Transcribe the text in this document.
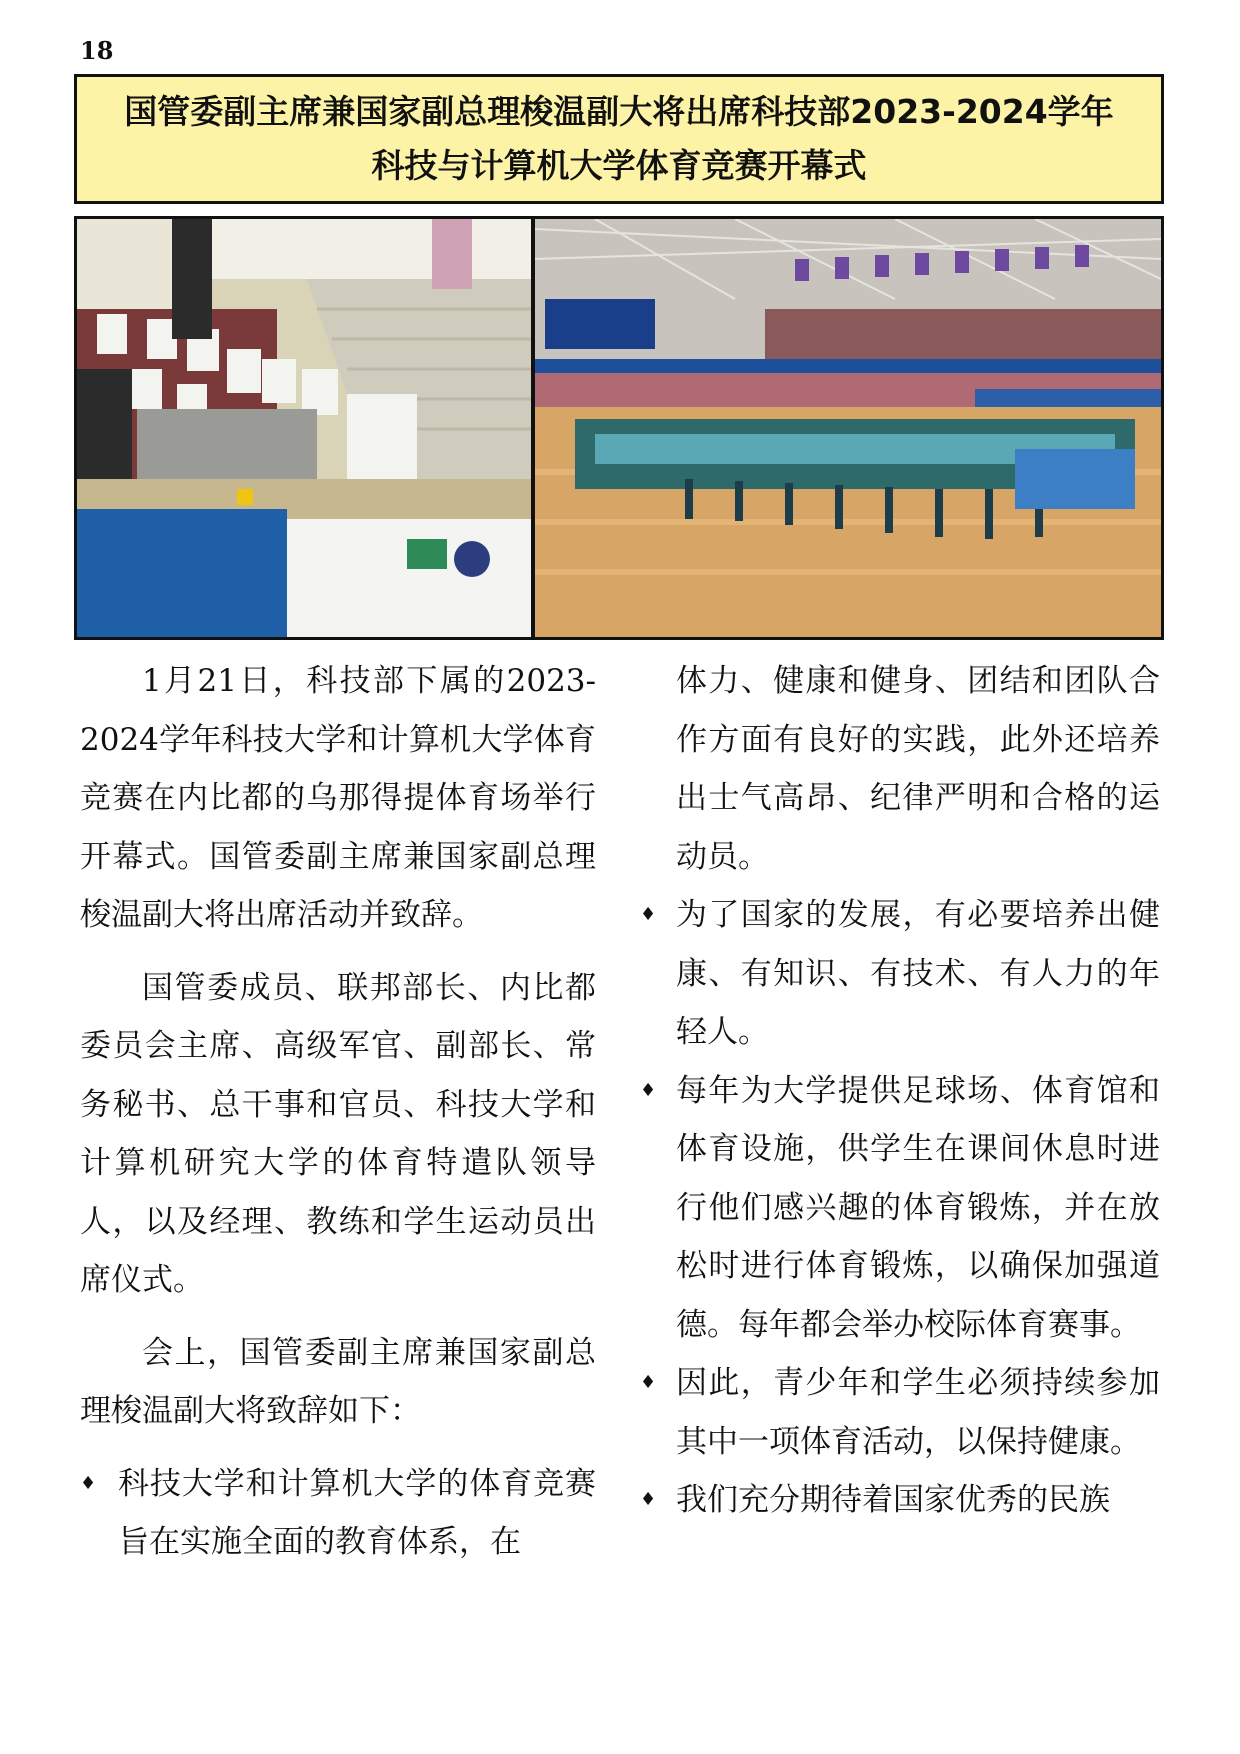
18
国管委副主席兼国家副总理梭温副大将出席科技部2023-2024学年
科技与计算机大学体育竞赛开幕式

1月21日，科技部下属的2023-2024学年科技大学和计算机大学体育竞赛在内比都的乌那得提体育场举行开幕式。国管委副主席兼国家副总理梭温副大将出席活动并致辞。

国管委成员、联邦部长、内比都委员会主席、高级军官、副部长、常务秘书、总干事和官员、科技大学和计算机研究大学的体育特遣队领导人，以及经理、教练和学生运动员出席仪式。

会上，国管委副主席兼国家副总理梭温副大将致辞如下：

♦ 科技大学和计算机大学的体育竞赛旨在实施全面的教育体系，在

体力、健康和健身、团结和团队合作方面有良好的实践，此外还培养出士气高昂、纪律严明和合格的运动员。

♦ 为了国家的发展，有必要培养出健康、有知识、有技术、有人力的年轻人。
♦ 每年为大学提供足球场、体育馆和体育设施，供学生在课间休息时进行他们感兴趣的体育锻炼，并在放松时进行体育锻炼，以确保加强道德。每年都会举办校际体育赛事。
♦ 因此，青少年和学生必须持续参加其中一项体育活动，以保持健康。
♦ 我们充分期待着国家优秀的民族
